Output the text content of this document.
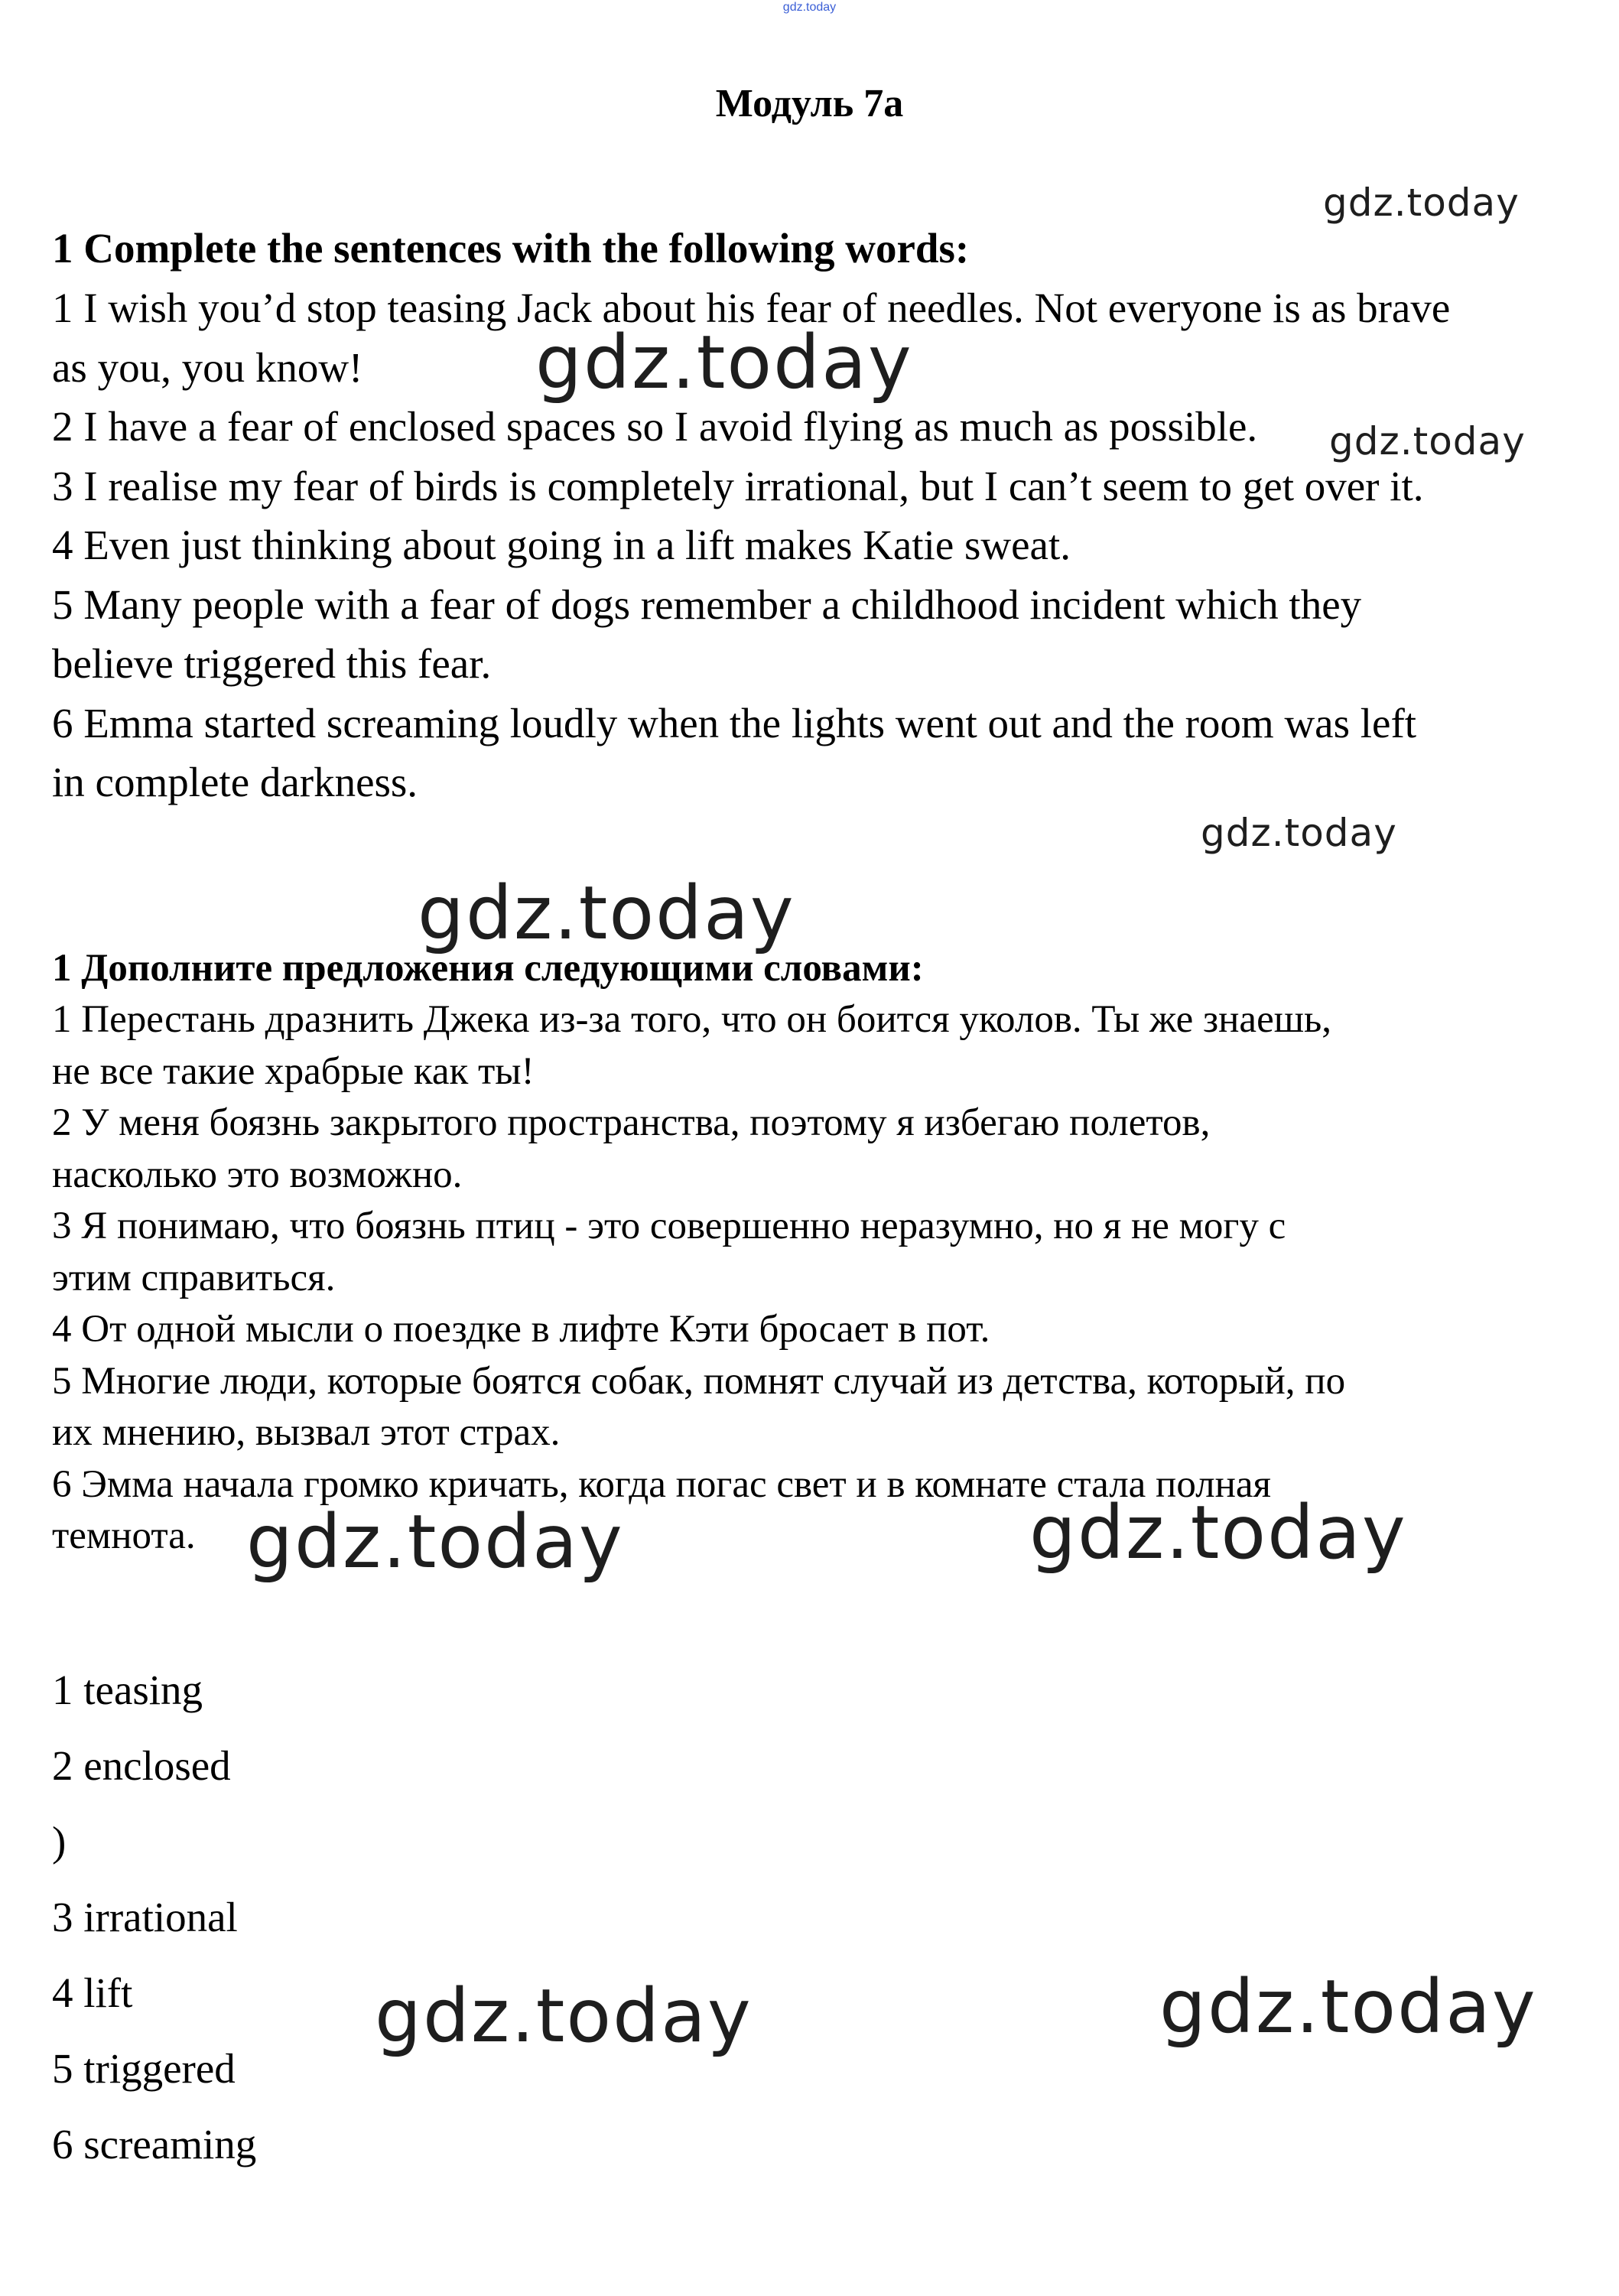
gdz.today
Модуль 7a

1 Complete the sentences with the following words:

1 I wish you’d stop teasing Jack about his fear of needles. Not everyone is as brave

as you, you know!

2 I have a fear of enclosed spaces so I avoid flying as much as possible.

3 I realise my fear of birds is completely irrational, but I can’t seem to get over it.

4 Even just thinking about going in a lift makes Katie sweat.

5 Many people with a fear of dogs remember a childhood incident which they

believe triggered this fear.

6 Emma started screaming loudly when the lights went out and the room was left

in complete darkness.

1 Дополните предложения следующими словами:

1 Перестань дразнить Джека из-за того, что он боится уколов. Ты же знаешь,

не все такие храбрые как ты!

2 У меня боязнь закрытого пространства, поэтому я избегаю полетов,

насколько это возможно.

3 Я понимаю, что боязнь птиц - это совершенно неразумно, но я не могу с

этим справиться.

4 От одной мысли о поездке в лифте Кэти бросает в пот.

5 Многие люди, которые боятся собак, помнят случай из детства, который, по

их мнению, вызвал этот страх.

6 Эмма начала громко кричать, когда погас свет и в комнате стала полная

темнота.

1 teasing

2 enclosed

)

3 irrational

4 lift

5 triggered

6 screaming

gdz.today
gdz.today
gdz.today
gdz.today
gdz.today
gdz.today	gdz.today
gdz.today	gdz.today
